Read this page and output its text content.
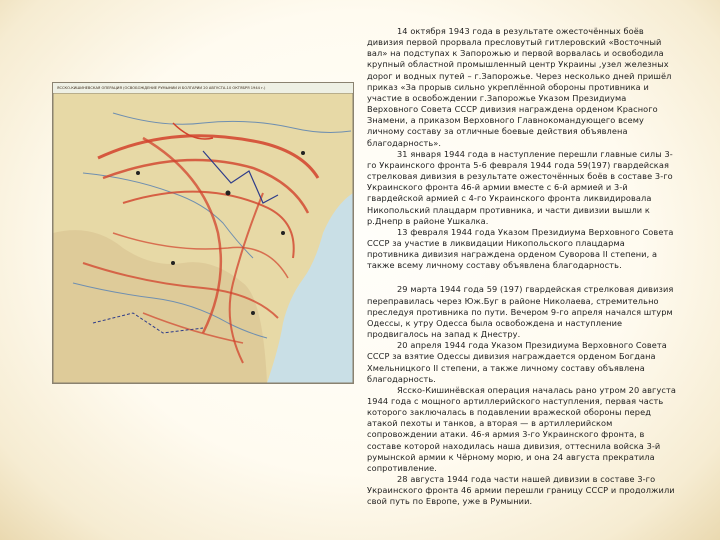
ЯССКО-КИШИНЕВСКАЯ ОПЕРАЦИЯ (ОСВОБОЖДЕНИЕ РУМЫНИИ И БОЛГАРИИ 20 АВГУСТА-10 ОКТЯБРЯ 1944 г.)

14 октября 1943 года в результате ожесточённых боёв дивизия первой прорвала пресловутый гитлеровский «Восточный вал» на подступах к Запорожью и первой ворвалась и освободила крупный областной промышленный центр Украины ,узел железных дорог и водных путей – г.Запорожье. Через несколько дней пришёл приказ «За прорыв сильно укреплённой обороны противника и участие в освобождении г.Запорожье Указом Президиума Верховного Совета СССР дивизия награждена орденом Красного Знамени, а приказом Верховного Главнокомандующего всему личному составу за отличные боевые действия объявлена благодарность».

31 января 1944 года в наступление перешли главные силы 3-го Украинского фронта 5-6 февраля 1944 года 59(197) гвардейская стрелковая дивизия в результате ожесточённых боёв в составе 3-го Украинского фронта 46-й армии вместе с 6-й армией и 3-й гвардейской армией с 4-го Украинского фронта ликвидировала Никопольский плацдарм противника, и части дивизии вышли к р.Днепр в районе Ушкалка.

13 февраля 1944 года Указом Президиума Верховного Совета СССР за участие в ликвидации Никопольского плацдарма противника дивизия награждена орденом Суворова II степени, а также всему личному составу объявлена благодарность.

29 марта 1944 года 59 (197) гвардейская стрелковая дивизия переправилась через Юж.Буг в районе Николаева, стремительно преследуя противника по пути. Вечером 9-го апреля начался штурм Одессы, к утру Одесса была освобождена и наступление продвигалось на запад к Днестру.

20 апреля 1944 года Указом Президиума Верховного Совета СССР за взятие Одессы дивизия награждается орденом Богдана Хмельницкого II степени, а также личному составу объявлена благодарность.

Ясско-Кишинёвская операция началась рано утром 20 августа 1944 года с мощного артиллерийского наступления, первая часть которого заключалась в подавлении вражеской обороны перед атакой пехоты и танков, а вторая — в артиллерийском сопровождении атаки. 46-я армия 3-го Украинского фронта, в составе которой находилась наша дивизия, оттеснила войска 3-й румынской армии к Чёрному морю, и она 24 августа прекратила сопротивление.

28 августа 1944 года части нашей дивизии в составе 3-го Украинского фронта 46 армии перешли границу СССР и продолжили свой путь по Европе, уже в Румынии.
